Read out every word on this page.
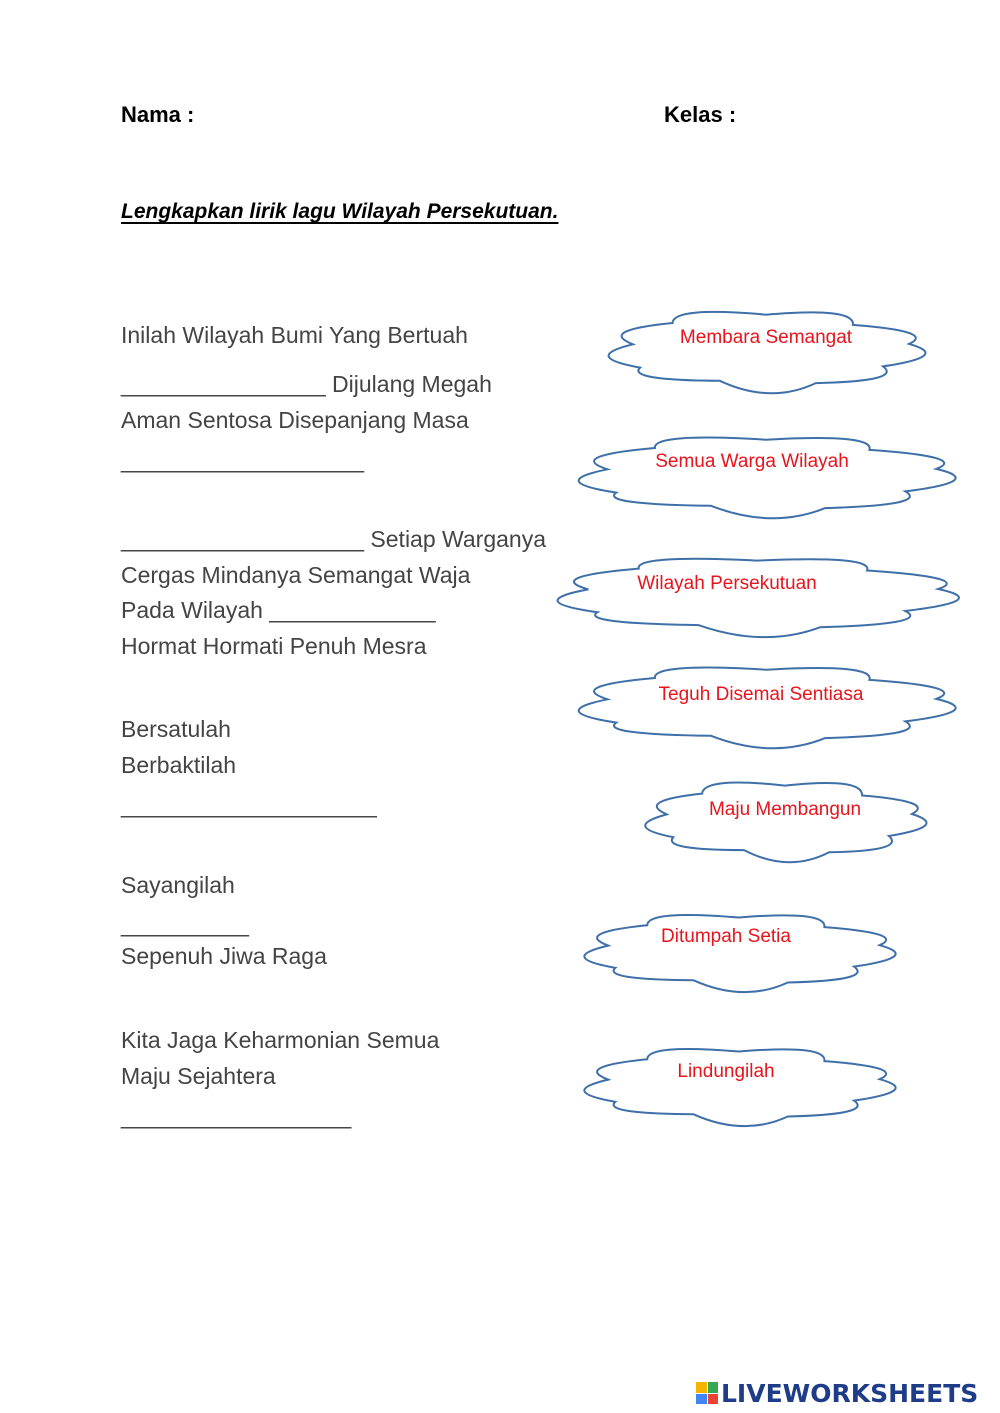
Nama :	Kelas :
Lengkapkan lirik lagu Wilayah Persekutuan.
Inilah Wilayah Bumi Yang Bertuah
________________ Dijulang Megah
Aman Sentosa Disepanjang Masa
___________________
___________________ Setiap Warganya
Cergas Mindanya Semangat Waja
Pada Wilayah _____________
Hormat Hormati Penuh Mesra
Bersatulah
Berbaktilah
____________________
Sayangilah
__________
Sepenuh Jiwa Raga
Kita Jaga Keharmonian Semua
Maju Sejahtera
__________________
Membara Semangat
Semua Warga Wilayah
Wilayah Persekutuan
Teguh Disemai Sentiasa
Maju Membangun
Ditumpah Setia
Lindungilah
LIVEWORKSHEETS
